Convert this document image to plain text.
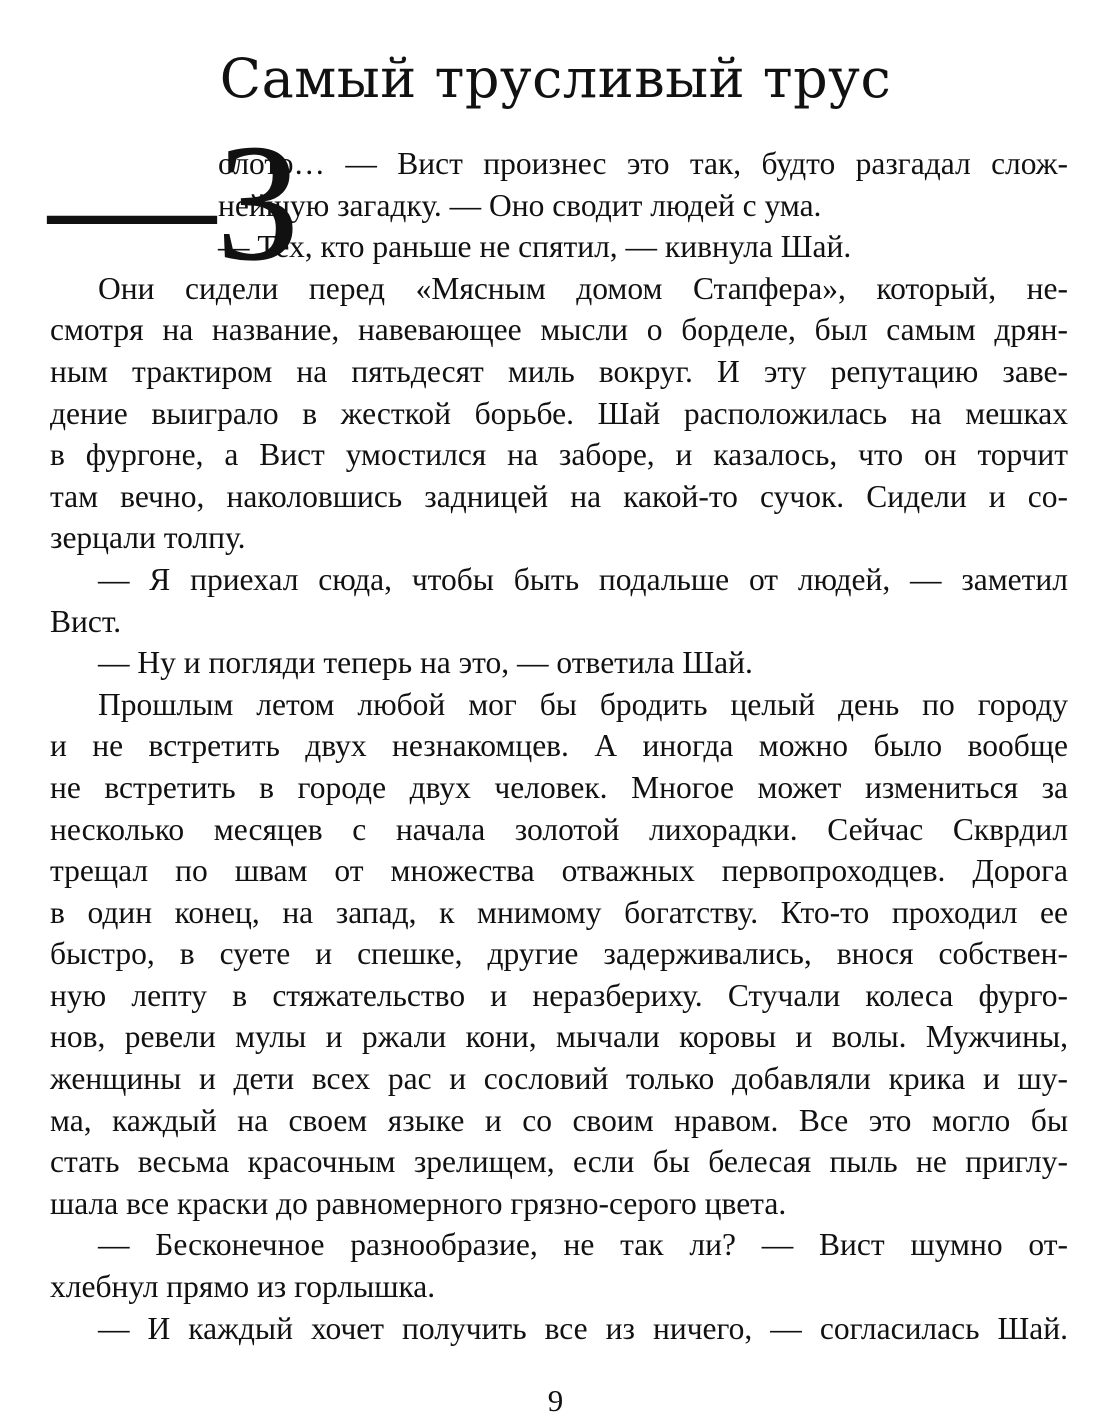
Самый трусливый трус
—З
олото… — Вист произнес это так, будто разгадал слож-
нейшую загадку. — Оно сводит людей с ума.
— Тех, кто раньше не спятил, — кивнула Шай.
Они сидели перед «Мясным домом Стапфера», который, не-
смотря на название, навевающее мысли о борделе, был самым дрян-
ным трактиром на пятьдесят миль вокруг. И эту репутацию заве-
дение выиграло в жесткой борьбе. Шай расположилась на мешках
в фургоне, а Вист умостился на заборе, и казалось, что он торчит
там вечно, наколовшись задницей на какой-то сучок. Сидели и со-
зерцали толпу.
— Я приехал сюда, чтобы быть подальше от людей, — заметил
Вист.
— Ну и погляди теперь на это, — ответила Шай.
Прошлым летом любой мог бы бродить целый день по городу
и не встретить двух незнакомцев. А иногда можно было вообще
не встретить в городе двух человек. Многое может измениться за
несколько месяцев с начала золотой лихорадки. Сейчас Скврдил
трещал по швам от множества отважных первопроходцев. Дорога
в один конец, на запад, к мнимому богатству. Кто-то проходил ее
быстро, в суете и спешке, другие задерживались, внося собствен-
ную лепту в стяжательство и неразбериху. Стучали колеса фурго-
нов, ревели мулы и ржали кони, мычали коровы и волы. Мужчины,
женщины и дети всех рас и сословий только добавляли крика и шу-
ма, каждый на своем языке и со своим нравом. Все это могло бы
стать весьма красочным зрелищем, если бы белесая пыль не приглу-
шала все краски до равномерного грязно-серого цвета.
— Бесконечное разнообразие, не так ли? — Вист шумно от-
хлебнул прямо из горлышка.
— И каждый хочет получить все из ничего, — согласилась Шай.
9
